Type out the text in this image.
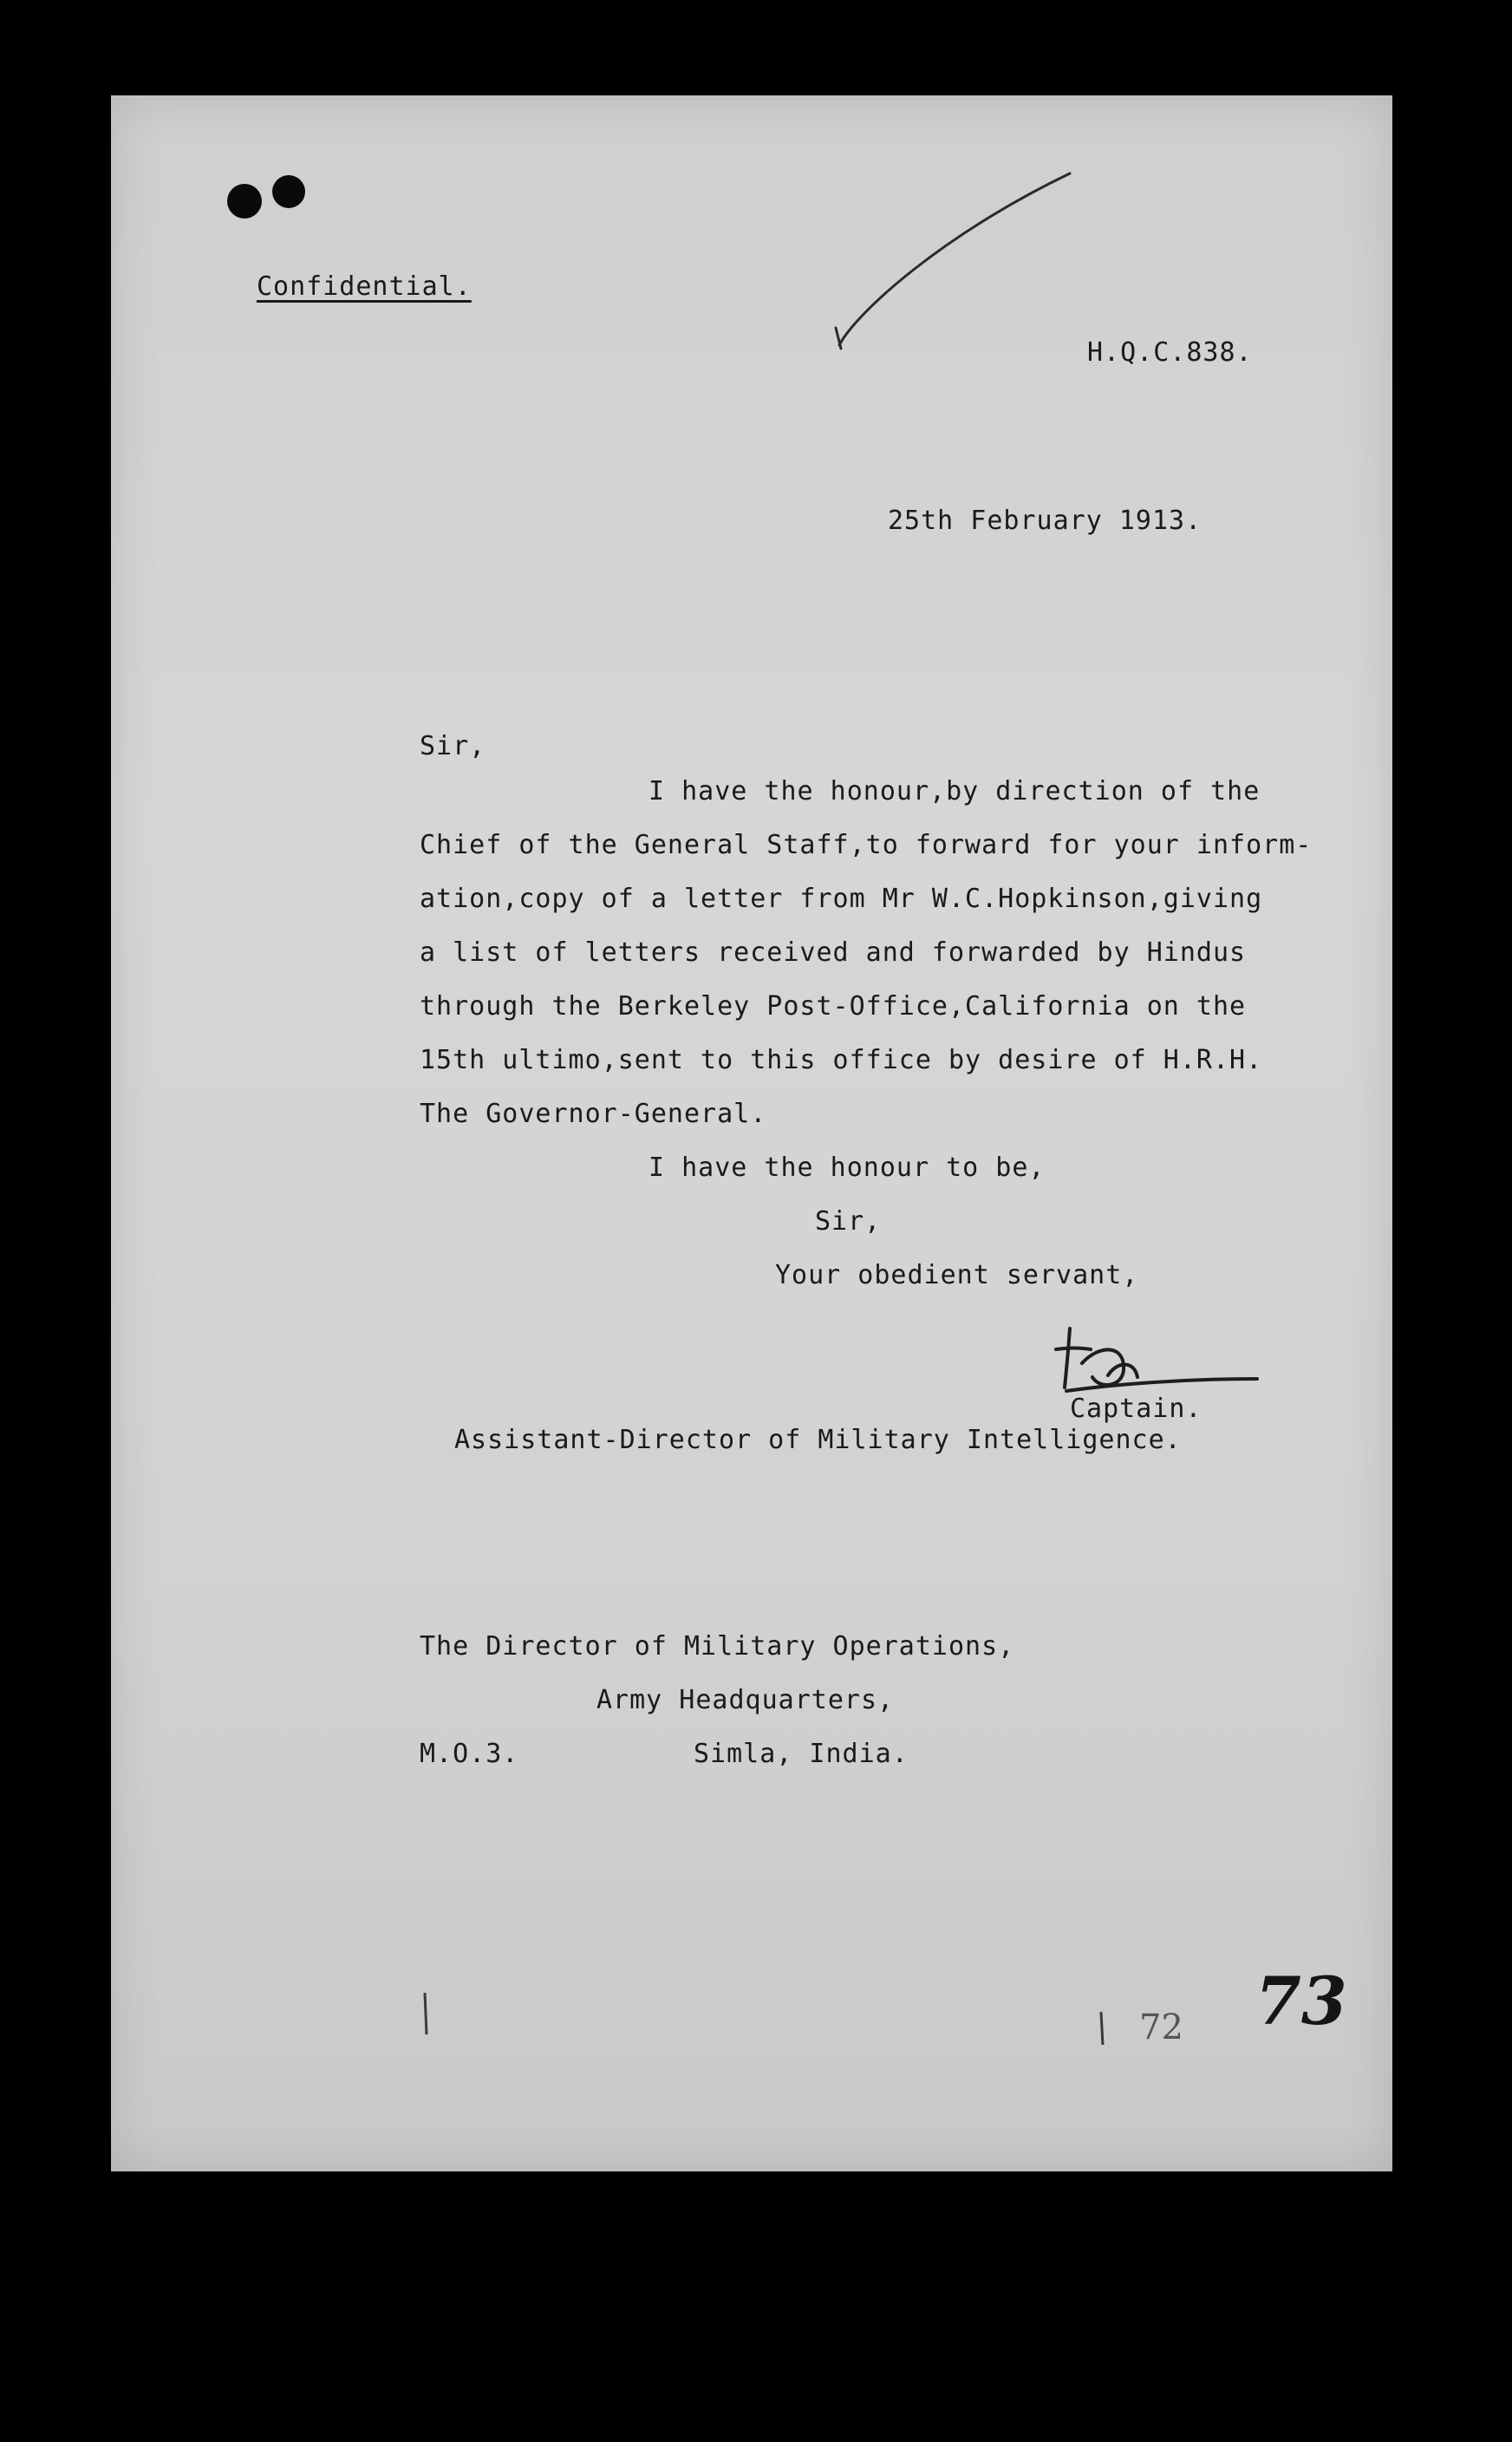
Confidential.
H.Q.C.838.
25th February 1913.
Sir,
I have the honour,by direction of the
Chief of the General Staff,to forward for your inform-
ation,copy of a letter from Mr W.C.Hopkinson,giving
a list of letters received and forwarded by Hindus
through the Berkeley Post-Office,California on the
15th ultimo,sent to this office by desire of H.R.H.
The Governor-General.
I have the honour to be,
Sir,
Your obedient servant,
Captain.
Assistant-Director of Military Intelligence.
The Director of Military Operations,
Army Headquarters,
M.O.3.	Simla, India.
72 73
